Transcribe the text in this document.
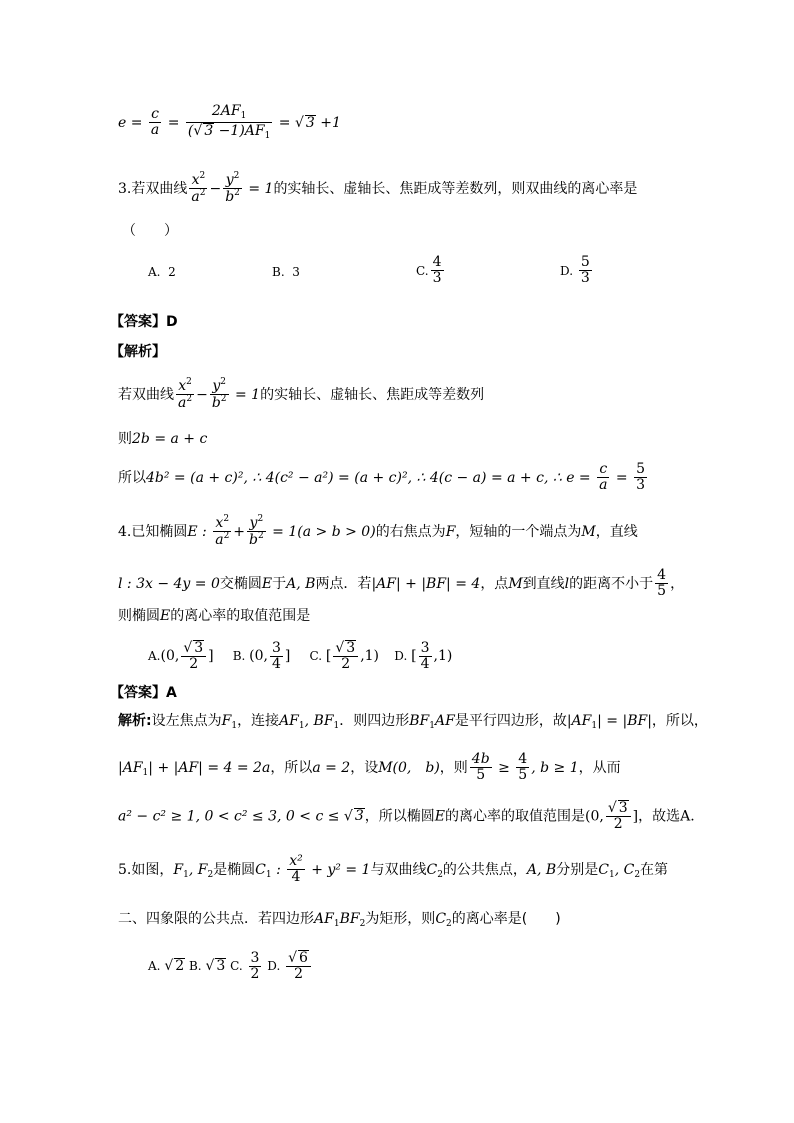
$e = \frac{c}{a} = \frac{2AF_1}{(√ 3 -1)AF_1}$ = √ 3 +1
3.若双曲线 $\frac{x^2}{a^2} - \frac{y^2}{b^2} = 1$的实轴长、虚轴长、焦距成等差数列，则双曲线的离心率是
（　　）
A. 2	B. 3	C. $\frac{4}{3}$	D. $\frac{5}{3}$
【答案】D
【解析】
若双曲线 $\frac{x^2}{a^2} - \frac{y^2}{b^2} = 1$的实轴长、虚轴长、焦距成等差数列
则2b = a + c
所以4b² = (a + c)², ∴ 4(c² − a²) = (a + c)², ∴ 4(c − a) = a + c, ∴ $e = \frac{c}{a} = \frac{5}{3}$
4.已知椭圆E : $\frac{x^2}{a^2} + \frac{y^2}{b^2} = 1(a > b > 0)$的右焦点为F，短轴的一个端点为M，直线
l : 3x − 4y = 0交椭圆E于A, B两点．若|AF| + |BF| = 4，点M到直线l的距离不小于 $\frac{4}{5}$ ，
则椭圆E的离心率的取值范围是
A.(0, $\frac{√ 3}{2}$ ] B. (0, $\frac{3}{4}$ ] C. [ $\frac{√ 3}{2} ,1$) D. [ $\frac{3}{4} ,1$)
【答案】A
解析:设左焦点为$F_1$，连接$AF_1$, $BF_1$．则四边形$BF_1AF$是平行四边形，故$|AF_1| = |BF|$，所以，
$|AF_1| + |AF| = 4 = 2a$，所以a = 2，设M(0,　b)，则 $\frac{4b}{5} \ge \frac{4}{5}$ , b ≥ 1，从而
a² − c² ≥ 1, 0 < c² ≤ 3, 0 < c ≤ √ 3，所以椭圆E的离心率的取值范围是(0, $\frac{√ 3}{2}$ ]，故选A.
5.如图，$F_1$, $F_2$是椭圆$C_1$ : $\frac{\text{x²}}{4} + y^2 = 1$与双曲线$C_2$的公共焦点，A, B分别是$C_1$, $C_2$在第
二、四象限的公共点．若四边形$AF_1BF_2$为矩形，则$C_2$的离心率是(　　)
A. √ 2 B. √ 3 C. $\frac{3}{2} D$. $\frac{√ 6}{2}$
